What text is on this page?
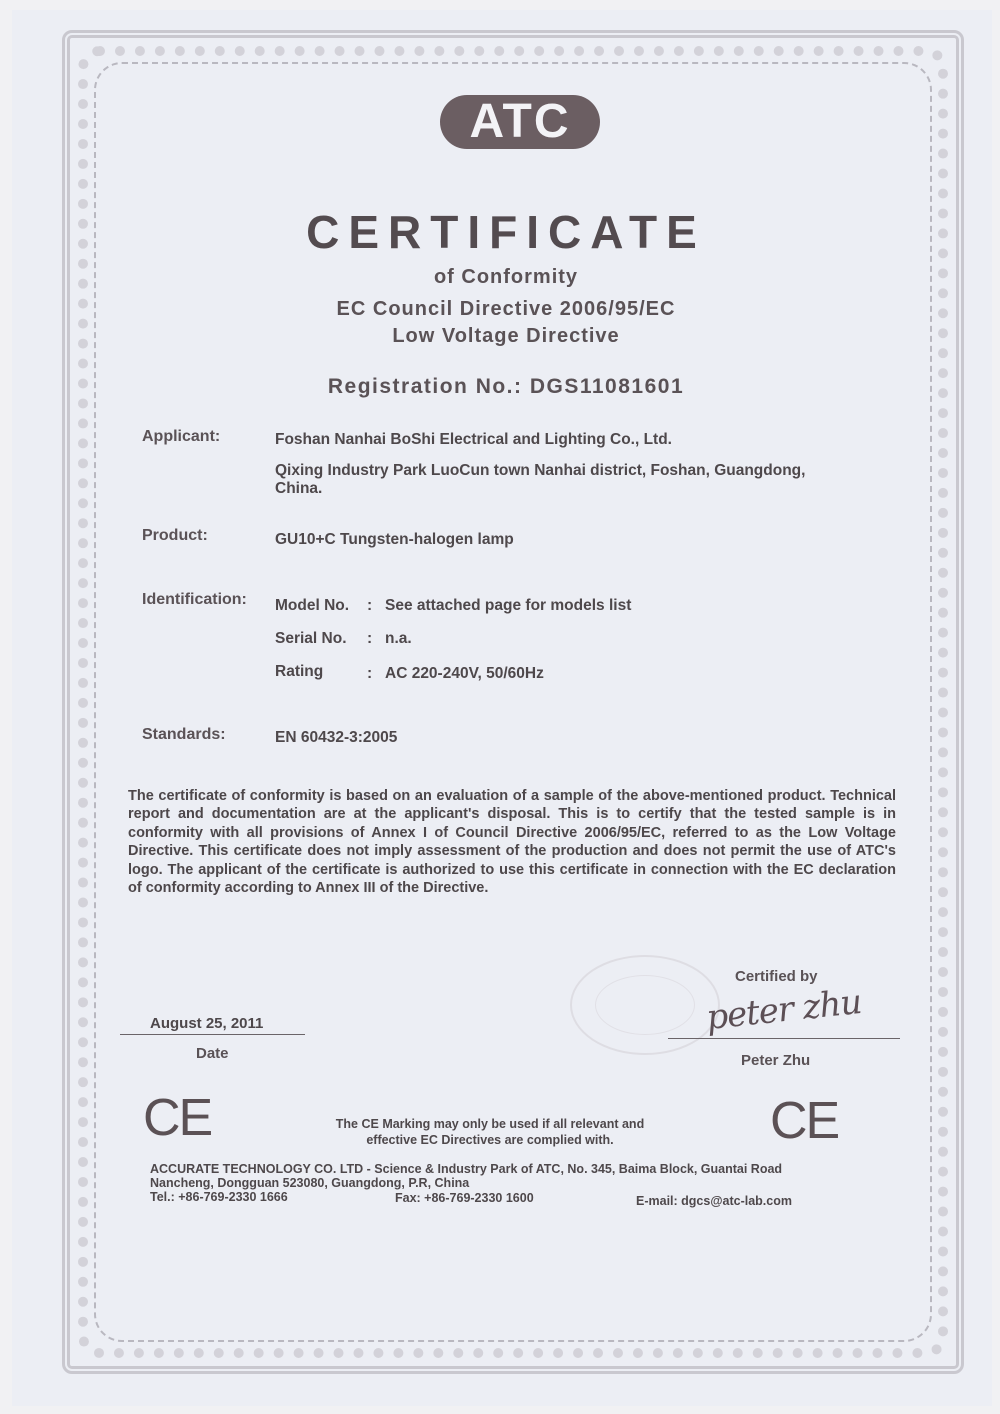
ATC
CERTIFICATE
of Conformity
EC Council Directive 2006/95/EC
Low Voltage Directive
Registration No.: DGS11081601
Applicant:	Foshan Nanhai BoShi Electrical and Lighting Co., Ltd.
Qixing Industry Park LuoCun town Nanhai district, Foshan, Guangdong,
China.
Product:	GU10+C Tungsten-halogen lamp
Identification: Model No. : See attached page for models list
Serial No. : n.a.
Rating	: AC 220-240V, 50/60Hz
Standards:	EN 60432-3:2005
The certificate of conformity is based on an evaluation of a sample of the above-mentioned product. Technical report and documentation are at the applicant's disposal. This is to certify that the tested sample is in conformity with all provisions of Annex I of Council Directive 2006/95/EC, referred to as the Low Voltage Directive. This certificate does not imply assessment of the production and does not permit the use of ATC's logo. The applicant of the certificate is authorized to use this certificate in connection with the EC declaration of conformity according to Annex III of the Directive.
August 25, 2011
Date
Certified by
peter zhu
Peter Zhu
CE	CE
The CE Marking may only be used if all relevant and
effective EC Directives are complied with.
ACCURATE TECHNOLOGY CO. LTD - Science & Industry Park of ATC, No. 345, Baima Block, Guantai Road
Nancheng, Dongguan 523080, Guangdong, P.R, China
Tel.: +86-769-2330 1666	Fax: +86-769-2330 1600	E-mail: dgcs@atc-lab.com
